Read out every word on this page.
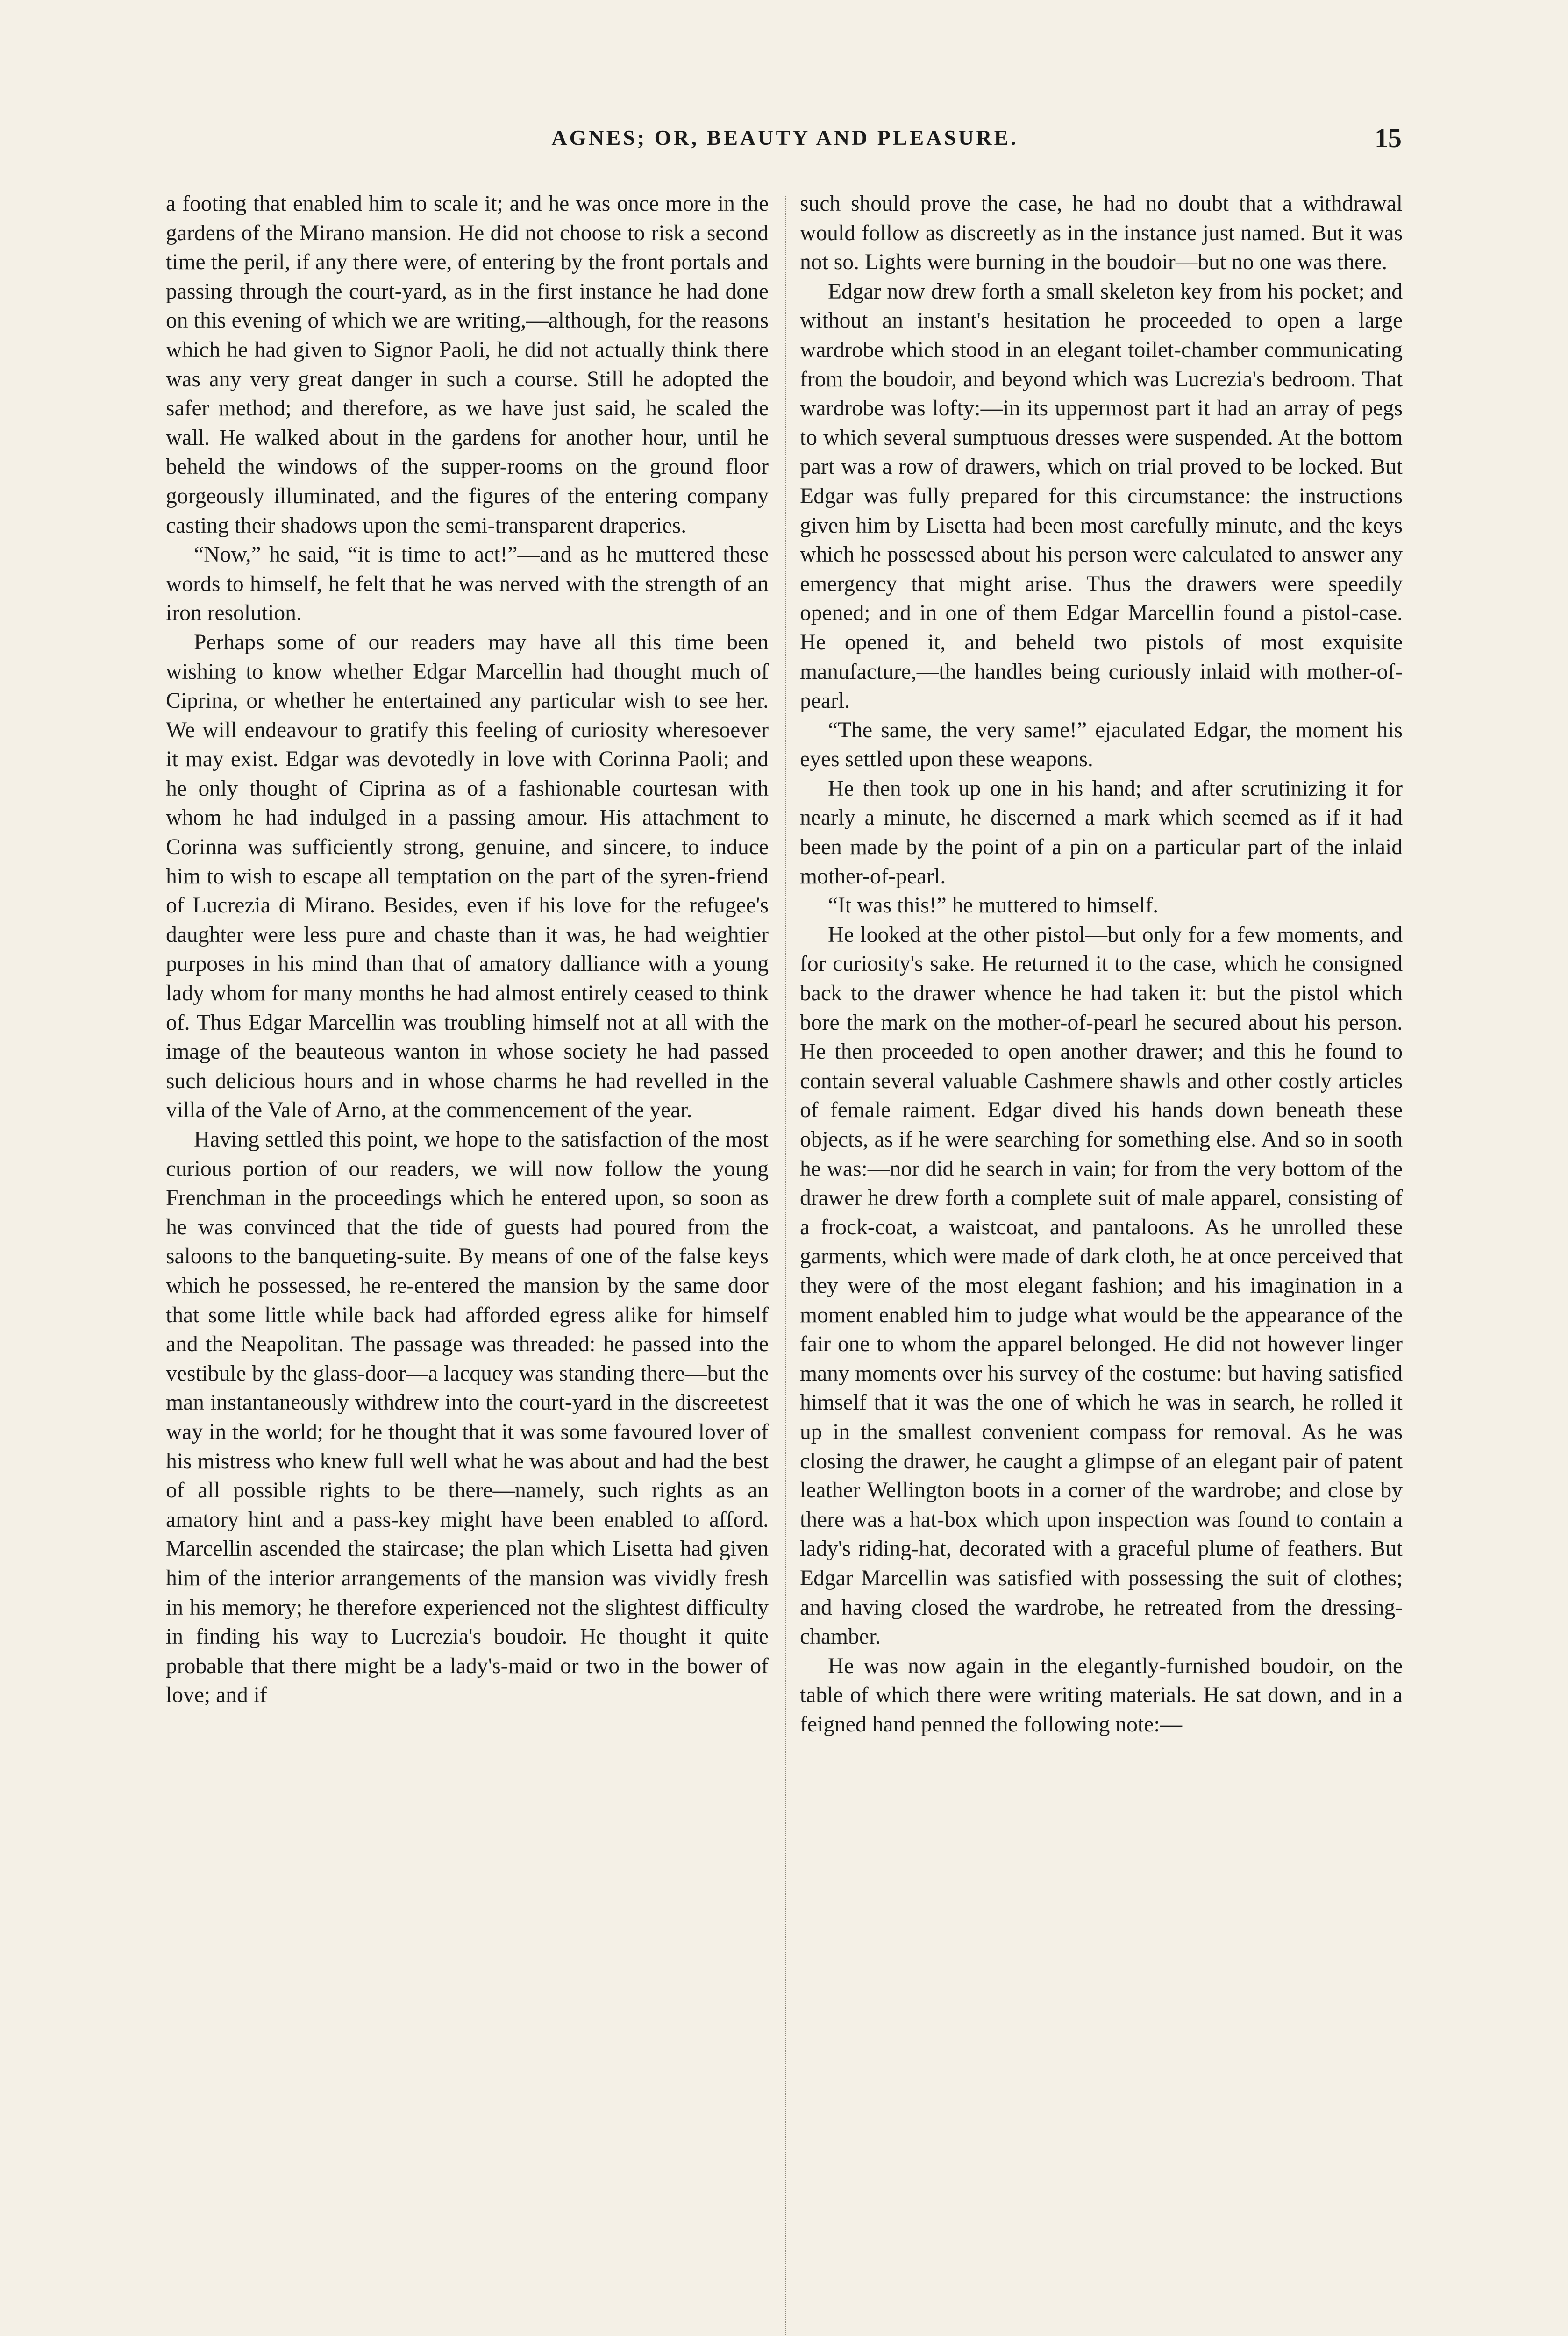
AGNES; OR, BEAUTY AND PLEASURE.	15

a footing that enabled him to scale it; and he was once more in the gardens of the Mirano mansion. He did not choose to risk a second time the peril, if any there were, of entering by the front portals and passing through the court-yard, as in the first instance he had done on this evening of which we are writing,—although, for the reasons which he had given to Signor Paoli, he did not actually think there was any very great danger in such a course. Still he adopted the safer method; and therefore, as we have just said, he scaled the wall. He walked about in the gardens for another hour, until he beheld the windows of the supper-rooms on the ground floor gorgeously illuminated, and the figures of the entering company casting their shadows upon the semi-transparent draperies.

“Now,” he said, “it is time to act!”—and as he muttered these words to himself, he felt that he was nerved with the strength of an iron resolution.

Perhaps some of our readers may have all this time been wishing to know whether Edgar Marcellin had thought much of Ciprina, or whether he entertained any particular wish to see her. We will endeavour to gratify this feeling of curiosity wheresoever it may exist. Edgar was devotedly in love with Corinna Paoli; and he only thought of Ciprina as of a fashionable courtesan with whom he had indulged in a passing amour. His attachment to Corinna was sufficiently strong, genuine, and sincere, to induce him to wish to escape all temptation on the part of the syren-friend of Lucrezia di Mirano. Besides, even if his love for the refugee's daughter were less pure and chaste than it was, he had weightier purposes in his mind than that of amatory dalliance with a young lady whom for many months he had almost entirely ceased to think of. Thus Edgar Marcellin was troubling himself not at all with the image of the beauteous wanton in whose society he had passed such delicious hours and in whose charms he had revelled in the villa of the Vale of Arno, at the commencement of the year.

Having settled this point, we hope to the satisfaction of the most curious portion of our readers, we will now follow the young Frenchman in the proceedings which he entered upon, so soon as he was convinced that the tide of guests had poured from the saloons to the banqueting-suite. By means of one of the false keys which he possessed, he re-entered the mansion by the same door that some little while back had afforded egress alike for himself and the Neapolitan. The passage was threaded: he passed into the vestibule by the glass-door—a lacquey was standing there—but the man instantaneously withdrew into the court-yard in the discreetest way in the world; for he thought that it was some favoured lover of his mistress who knew full well what he was about and had the best of all possible rights to be there—namely, such rights as an amatory hint and a pass-key might have been enabled to afford. Marcellin ascended the staircase; the plan which Lisetta had given him of the interior arrangements of the mansion was vividly fresh in his memory; he therefore experienced not the slightest difficulty in finding his way to Lucrezia's boudoir. He thought it quite probable that there might be a lady's-maid or two in the bower of love; and if

such should prove the case, he had no doubt that a withdrawal would follow as discreetly as in the instance just named. But it was not so. Lights were burning in the boudoir—but no one was there.

Edgar now drew forth a small skeleton key from his pocket; and without an instant's hesitation he proceeded to open a large wardrobe which stood in an elegant toilet-chamber communicating from the boudoir, and beyond which was Lucrezia's bedroom. That wardrobe was lofty:—in its uppermost part it had an array of pegs to which several sumptuous dresses were suspended. At the bottom part was a row of drawers, which on trial proved to be locked. But Edgar was fully prepared for this circumstance: the instructions given him by Lisetta had been most carefully minute, and the keys which he possessed about his person were calculated to answer any emergency that might arise. Thus the drawers were speedily opened; and in one of them Edgar Marcellin found a pistol-case. He opened it, and beheld two pistols of most exquisite manufacture,—the handles being curiously inlaid with mother-of-pearl.

“The same, the very same!” ejaculated Edgar, the moment his eyes settled upon these weapons.

He then took up one in his hand; and after scrutinizing it for nearly a minute, he discerned a mark which seemed as if it had been made by the point of a pin on a particular part of the inlaid mother-of-pearl.

“It was this!” he muttered to himself.

He looked at the other pistol—but only for a few moments, and for curiosity's sake. He returned it to the case, which he consigned back to the drawer whence he had taken it: but the pistol which bore the mark on the mother-of-pearl he secured about his person. He then proceeded to open another drawer; and this he found to contain several valuable Cashmere shawls and other costly articles of female raiment. Edgar dived his hands down beneath these objects, as if he were searching for something else. And so in sooth he was:—nor did he search in vain; for from the very bottom of the drawer he drew forth a complete suit of male apparel, consisting of a frock-coat, a waistcoat, and pantaloons. As he unrolled these garments, which were made of dark cloth, he at once perceived that they were of the most elegant fashion; and his imagination in a moment enabled him to judge what would be the appearance of the fair one to whom the apparel belonged. He did not however linger many moments over his survey of the costume: but having satisfied himself that it was the one of which he was in search, he rolled it up in the smallest convenient compass for removal. As he was closing the drawer, he caught a glimpse of an elegant pair of patent leather Wellington boots in a corner of the wardrobe; and close by there was a hat-box which upon inspection was found to contain a lady's riding-hat, decorated with a graceful plume of feathers. But Edgar Marcellin was satisfied with possessing the suit of clothes; and having closed the wardrobe, he retreated from the dressing-chamber.

He was now again in the elegantly-furnished boudoir, on the table of which there were writing materials. He sat down, and in a feigned hand penned the following note:—
